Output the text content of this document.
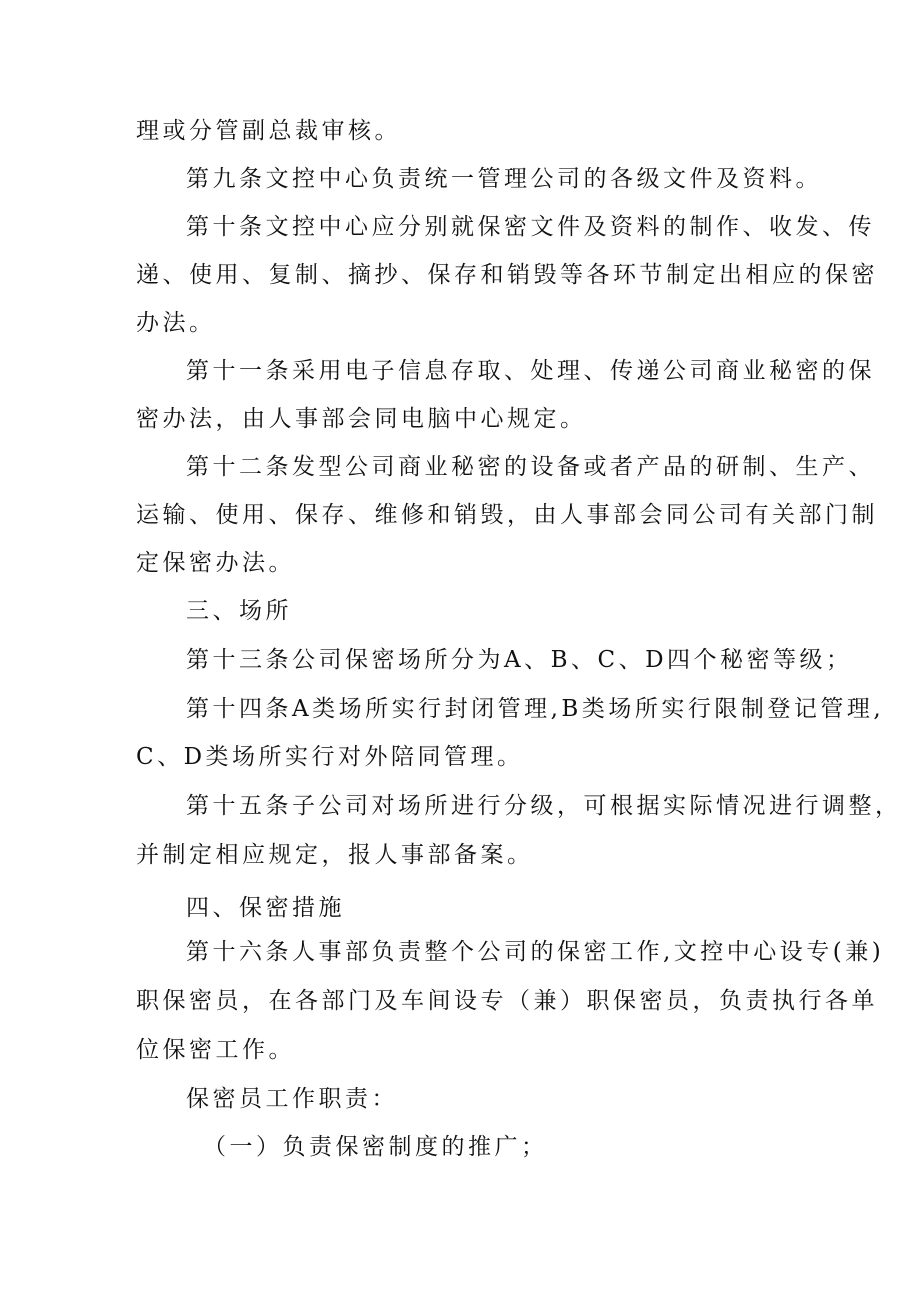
理或分管副总裁审核。
第九条文控中心负责统一管理公司的各级文件及资料。
第十条文控中心应分别就保密文件及资料的制作、收发、传
递、使用、复制、摘抄、保存和销毁等各环节制定出相应的保密
办法。
第十一条采用电子信息存取、处理、传递公司商业秘密的保
密办法，由人事部会同电脑中心规定。
第十二条发型公司商业秘密的设备或者产品的研制、生产、
运输、使用、保存、维修和销毁，由人事部会同公司有关部门制
定保密办法。
三、场所
第十三条公司保密场所分为A、B、C、D四个秘密等级；
第十四条A类场所实行封闭管理,B类场所实行限制登记管理,
C、D类场所实行对外陪同管理。
第十五条子公司对场所进行分级，可根据实际情况进行调整，
并制定相应规定，报人事部备案。
四、保密措施
第十六条人事部负责整个公司的保密工作,文控中心设专(兼)
职保密员，在各部门及车间设专（兼）职保密员，负责执行各单
位保密工作。
保密员工作职责：
（一）负责保密制度的推广；
